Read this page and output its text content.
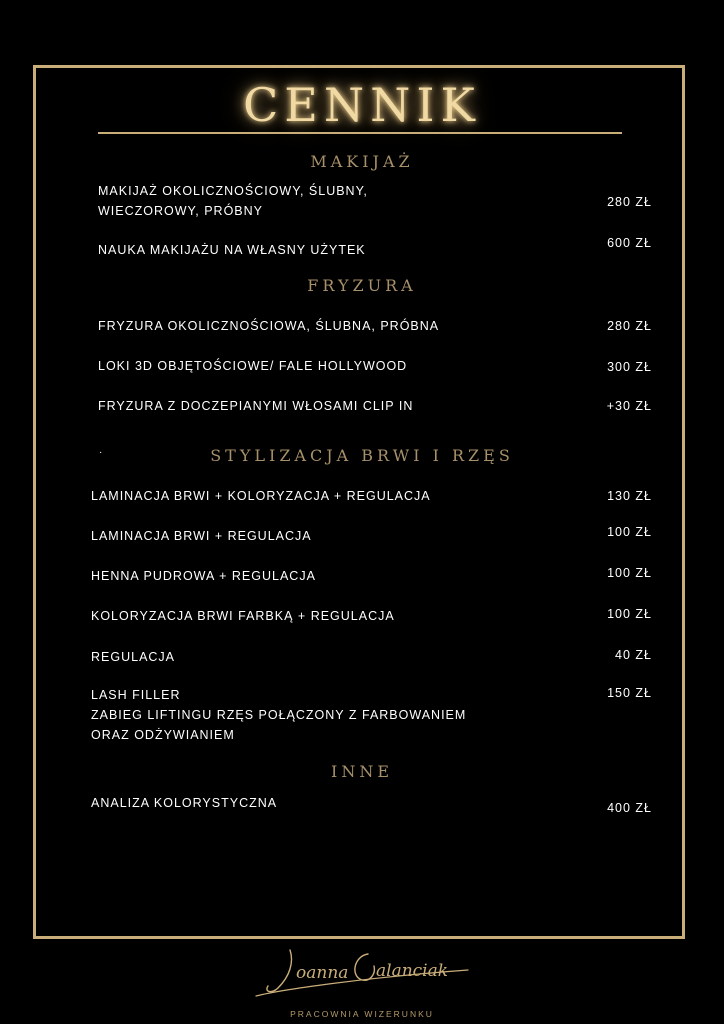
CENNIK
MAKIJAŻ
MAKIJAŻ OKOLICZNOŚCIOWY, ŚLUBNY,
WIECZOROWY, PRÓBNY
280 ZŁ
NAUKA MAKIJAŻU NA WŁASNY UŻYTEK	600 ZŁ
FRYZURA
FRYZURA OKOLICZNOŚCIOWA, ŚLUBNA, PRÓBNA	280 ZŁ
LOKI 3D OBJĘTOŚCIOWE/ FALE HOLLYWOOD	300 ZŁ
FRYZURA Z DOCZEPIANYMI WŁOSAMI CLIP IN	+30 ZŁ
·	STYLIZACJA BRWI I RZĘS
LAMINACJA BRWI + KOLORYZACJA + REGULACJA	130 ZŁ
LAMINACJA BRWI + REGULACJA	100 ZŁ
HENNA PUDROWA + REGULACJA	100 ZŁ
KOLORYZACJA BRWI FARBKĄ + REGULACJA	100 ZŁ
REGULACJA	40 ZŁ
LASH FILLER
ZABIEG LIFTINGU RZĘS POŁĄCZONY Z FARBOWANIEM
ORAZ ODŻYWIANIEM
150 ZŁ
INNE
ANALIZA KOLORYSTYCZNA	400 ZŁ
oanna alanciak
PRACOWNIA WIZERUNKU
